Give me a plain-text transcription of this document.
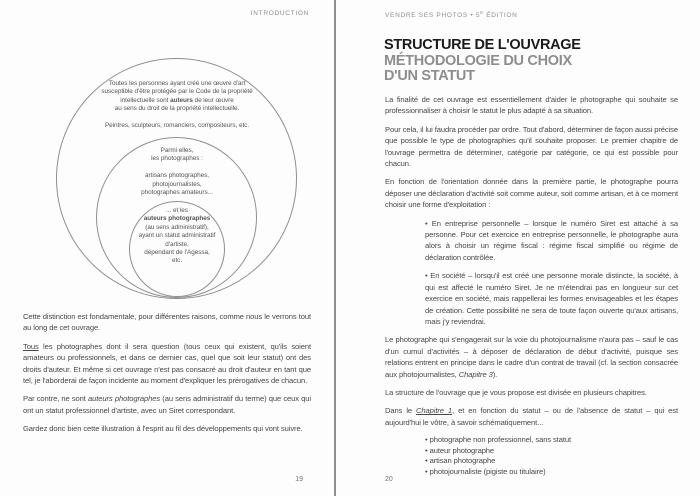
INTRODUCTION
Toutes les personnes ayant créé une œuvre d'art
susceptible d'être protégée par le Code de la propriété
intellectuelle sont auteurs de leur œuvre
au sens du droit de la propriété intellectuelle.

Peintres, sculpteurs, romanciers, compositeurs, etc.
Parmi elles,
les photographes :

artisans photographes,
photojournalistes,
photographes amateurs...
... et les
auteurs photographes
(au sens administratif),
ayant un statut administratif
d'artiste,
dépendant de l'Agessa,
etc.

Cette distinction est fondamentale, pour différentes raisons, comme nous le verrons tout au long de cet ouvrage.

Tous les photographes dont il sera question (tous ceux qui existent, qu'ils soient amateurs ou professionnels, et dans ce dernier cas, quel que soit leur statut) ont des droits d'auteur. Et même si cet ouvrage n'est pas consacré au droit d'auteur en tant que tel, je l'aborderai de façon incidente au moment d'expliquer les prérogatives de chacun.

Par contre, ne sont auteurs photographes (au sens administratif du terme) que ceux qui ont un statut professionnel d'artiste, avec un Siret correspondant.

Gardez donc bien cette illustration à l'esprit au fil des développements qui vont suivre.

19
VENDRE SES PHOTOS • $5^E$ ÉDITION
STRUCTURE DE L'OUVRAGE
MÉTHODOLOGIE DU CHOIX
D'UN STATUT

La finalité de cet ouvrage est essentiellement d'aider le photographe qui souhaite se professionnaliser à choisir le statut le plus adapté à sa situation.

Pour cela, il lui faudra procéder par ordre. Tout d'abord, déterminer de façon aussi précise que possible le type de photographies qu'il souhaite proposer. Le premier chapitre de l'ouvrage permettra de déterminer, catégorie par catégorie, ce qui est possible pour chacun.

En fonction de l'orientation donnée dans la première partie, le photographe pourra déposer une déclaration d'activité soit comme auteur, soit comme artisan, et à ce moment choisir une forme d'exploitation :

• En entreprise personnelle – lorsque le numéro Siret est attaché à sa personne. Pour cet exercice en entreprise personnelle, le photographe aura alors à choisir un régime fiscal : régime fiscal simplifié ou régime de déclaration contrôlée.

• En société – lorsqu'il est créé une personne morale distincte, la société, à qui est affecté le numéro Siret. Je ne m'étendrai pas en longueur sur cet exercice en société, mais rappellerai les formes envisageables et les étapes de création. Cette possibilité ne sera de toute façon ouverte qu'aux artisans, mais j'y reviendrai.

Le photographe qui s'engagerait sur la voie du photojournalisme n'aura pas – sauf le cas d'un cumul d'activités – à déposer de déclaration de début d'activité, puisque ses relations entrent en principe dans le cadre d'un contrat de travail (cf. la section consacrée aux photojournalistes, Chapitre 3).

La structure de l'ouvrage que je vous propose est divisée en plusieurs chapitres.

Dans le Chapitre 1, et en fonction du statut – ou de l'absence de statut – qui est aujourd'hui le vôtre, à savoir schématiquement...

• photographe non professionnel, sans statut
• auteur photographe
• artisan photographe
• photojournaliste (pigiste ou titulaire)
20
